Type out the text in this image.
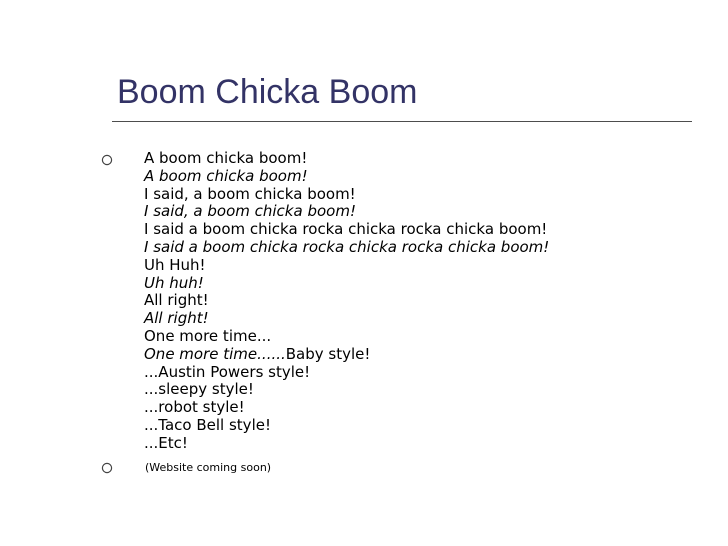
Boom Chicka Boom
A boom chicka boom!
A boom chicka boom!
I said, a boom chicka boom!
I said, a boom chicka boom!
I said a boom chicka rocka chicka rocka chicka boom!
I said a boom chicka rocka chicka rocka chicka boom!
Uh Huh!
Uh huh!
All right!
All right!
One more time...
One more time......Baby style!
...Austin Powers style!
...sleepy style!
...robot style!
...Taco Bell style!
...Etc!

(Website coming soon)
